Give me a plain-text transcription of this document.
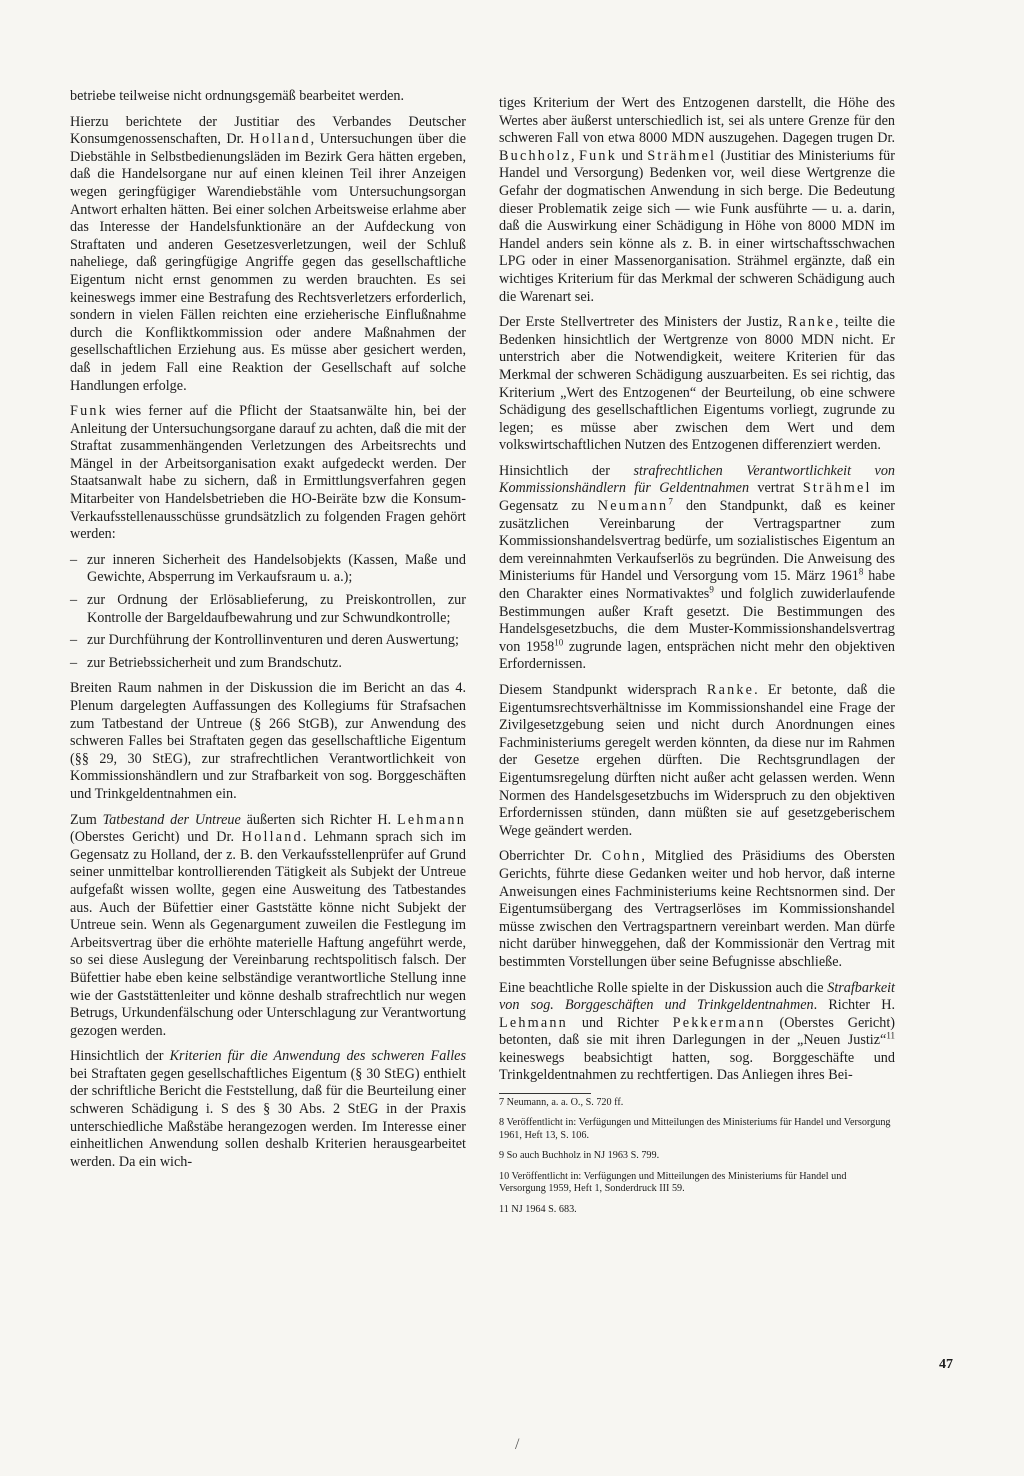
betriebe teilweise nicht ordnungsgemäß bearbeitet werden.

Hierzu berichtete der Justitiar des Verbandes Deutscher Konsumgenossenschaften, Dr. Holland, Untersuchungen über die Diebstähle in Selbstbedienungsläden im Bezirk Gera hätten ergeben, daß die Handelsorgane nur auf einen kleinen Teil ihrer Anzeigen wegen geringfügiger Warendiebstähle vom Untersuchungsorgan Antwort erhalten hätten. Bei einer solchen Arbeitsweise erlahme aber das Interesse der Handelsfunktionäre an der Aufdeckung von Straftaten und anderen Gesetzesverletzungen, weil der Schluß naheliege, daß geringfügige Angriffe gegen das gesellschaftliche Eigentum nicht ernst genommen zu werden brauchten. Es sei keineswegs immer eine Bestrafung des Rechtsverletzers erforderlich, sondern in vielen Fällen reichten eine erzieherische Einflußnahme durch die Konfliktkommission oder andere Maßnahmen der gesellschaftlichen Erziehung aus. Es müsse aber gesichert werden, daß in jedem Fall eine Reaktion der Gesellschaft auf solche Handlungen erfolge.

Funk wies ferner auf die Pflicht der Staatsanwälte hin, bei der Anleitung der Untersuchungsorgane darauf zu achten, daß die mit der Straftat zusammenhängenden Verletzungen des Arbeitsrechts und Mängel in der Arbeitsorganisation exakt aufgedeckt werden. Der Staatsanwalt habe zu sichern, daß in Ermittlungsverfahren gegen Mitarbeiter von Handelsbetrieben die HO-Beiräte bzw die Konsum-Verkaufsstellenausschüsse grundsätzlich zu folgenden Fragen gehört werden:

– zur inneren Sicherheit des Handelsobjekts (Kassen, Maße und Gewichte, Absperrung im Verkaufsraum u. a.);
– zur Ordnung der Erlösablieferung, zu Preiskontrollen, zur Kontrolle der Bargeldaufbewahrung und zur Schwundkontrolle;
– zur Durchführung der Kontrollinventuren und deren Auswertung;
– zur Betriebssicherheit und zum Brandschutz.

Breiten Raum nahmen in der Diskussion die im Bericht an das 4. Plenum dargelegten Auffassungen des Kollegiums für Strafsachen zum Tatbestand der Untreue (§ 266 StGB), zur Anwendung des schweren Falles bei Straftaten gegen das gesellschaftliche Eigentum (§§ 29, 30 StEG), zur strafrechtlichen Verantwortlichkeit von Kommissionshändlern und zur Strafbarkeit von sog. Borggeschäften und Trinkgeldentnahmen ein.

Zum Tatbestand der Untreue äußerten sich Richter H. Lehmann (Oberstes Gericht) und Dr. Holland. Lehmann sprach sich im Gegensatz zu Holland, der z. B. den Verkaufsstellenprüfer auf Grund seiner unmittelbar kontrollierenden Tätigkeit als Subjekt der Untreue aufgefaßt wissen wollte, gegen eine Ausweitung des Tatbestandes aus. Auch der Büfettier einer Gaststätte könne nicht Subjekt der Untreue sein. Wenn als Gegenargument zuweilen die Festlegung im Arbeitsvertrag über die erhöhte materielle Haftung angeführt werde, so sei diese Auslegung der Vereinbarung rechtspolitisch falsch. Der Büfettier habe eben keine selbständige verantwortliche Stellung inne wie der Gaststättenleiter und könne deshalb strafrechtlich nur wegen Betrugs, Urkundenfälschung oder Unterschlagung zur Verantwortung gezogen werden.

Hinsichtlich der Kriterien für die Anwendung des schweren Falles bei Straftaten gegen gesellschaftliches Eigentum (§ 30 StEG) enthielt der schriftliche Bericht die Feststellung, daß für die Beurteilung einer schweren Schädigung i. S des § 30 Abs. 2 StEG in der Praxis unterschiedliche Maßstäbe herangezogen werden. Im Interesse einer einheitlichen Anwendung sollen deshalb Kriterien herausgearbeitet werden. Da ein wich-

tiges Kriterium der Wert des Entzogenen darstellt, die Höhe des Wertes aber äußerst unterschiedlich ist, sei als untere Grenze für den schweren Fall von etwa 8000 MDN auszugehen. Dagegen trugen Dr. Buchholz, Funk und Strähmel (Justitiar des Ministeriums für Handel und Versorgung) Bedenken vor, weil diese Wertgrenze die Gefahr der dogmatischen Anwendung in sich berge. Die Bedeutung dieser Problematik zeige sich — wie Funk ausführte — u. a. darin, daß die Auswirkung einer Schädigung in Höhe von 8000 MDN im Handel anders sein könne als z. B. in einer wirtschaftsschwachen LPG oder in einer Massenorganisation. Strähmel ergänzte, daß ein wichtiges Kriterium für das Merkmal der schweren Schädigung auch die Warenart sei.

Der Erste Stellvertreter des Ministers der Justiz, Ranke, teilte die Bedenken hinsichtlich der Wertgrenze von 8000 MDN nicht. Er unterstrich aber die Notwendigkeit, weitere Kriterien für das Merkmal der schweren Schädigung auszuarbeiten. Es sei richtig, das Kriterium „Wert des Entzogenen“ der Beurteilung, ob eine schwere Schädigung des gesellschaftlichen Eigentums vorliegt, zugrunde zu legen; es müsse aber zwischen dem Wert und dem volkswirtschaftlichen Nutzen des Entzogenen differenziert werden.

Hinsichtlich der strafrechtlichen Verantwortlichkeit von Kommissionshändlern für Geldentnahmen vertrat Strähmel im Gegensatz zu Neumann$^7$ den Standpunkt, daß es keiner zusätzlichen Vereinbarung der Vertragspartner zum Kommissionshandelsvertrag bedürfe, um sozialistisches Eigentum an dem vereinnahmten Verkaufserlös zu begründen. Die Anweisung des Ministeriums für Handel und Versorgung vom 15. März 1961$^8$ habe den Charakter eines Normativaktes$^9$ und folglich zuwiderlaufende Bestimmungen außer Kraft gesetzt. Die Bestimmungen des Handelsgesetzbuchs, die dem Muster-Kommissionshandelsvertrag von 1958$^{10}$ zugrunde lagen, entsprächen nicht mehr den objektiven Erfordernissen.

Diesem Standpunkt widersprach Ranke. Er betonte, daß die Eigentumsrechtsverhältnisse im Kommissionshandel eine Frage der Zivilgesetzgebung seien und nicht durch Anordnungen eines Fachministeriums geregelt werden könnten, da diese nur im Rahmen der Gesetze ergehen dürften. Die Rechtsgrundlagen der Eigentumsregelung dürften nicht außer acht gelassen werden. Wenn Normen des Handelsgesetzbuchs im Widerspruch zu den objektiven Erfordernissen stünden, dann müßten sie auf gesetzgeberischem Wege geändert werden.

Oberrichter Dr. Cohn, Mitglied des Präsidiums des Obersten Gerichts, führte diese Gedanken weiter und hob hervor, daß interne Anweisungen eines Fachministeriums keine Rechtsnormen sind. Der Eigentumsübergang des Vertragserlöses im Kommissionshandel müsse zwischen den Vertragspartnern vereinbart werden. Man dürfe nicht darüber hinweggehen, daß der Kommissionär den Vertrag mit bestimmten Vorstellungen über seine Befugnisse abschließe.

Eine beachtliche Rolle spielte in der Diskussion auch die Strafbarkeit von sog. Borggeschäften und Trinkgeldentnahmen. Richter H. Lehmann und Richter Pekkermann (Oberstes Gericht) betonten, daß sie mit ihren Darlegungen in der „Neuen Justiz“$^{11}$ keineswegs beabsichtigt hatten, sog. Borggeschäfte und Trinkgeldentnahmen zu rechtfertigen. Das Anliegen ihres Bei-

7 Neumann, a. a. O., S. 720 ff.

8 Veröffentlicht in: Verfügungen und Mitteilungen des Ministeriums für Handel und Versorgung 1961, Heft 13, S. 106.

9 So auch Buchholz in NJ 1963 S. 799.

10 Veröffentlicht in: Verfügungen und Mitteilungen des Ministeriums für Handel und Versorgung 1959, Heft 1, Sonderdruck III 59.

11 NJ 1964 S. 683.

47
/
